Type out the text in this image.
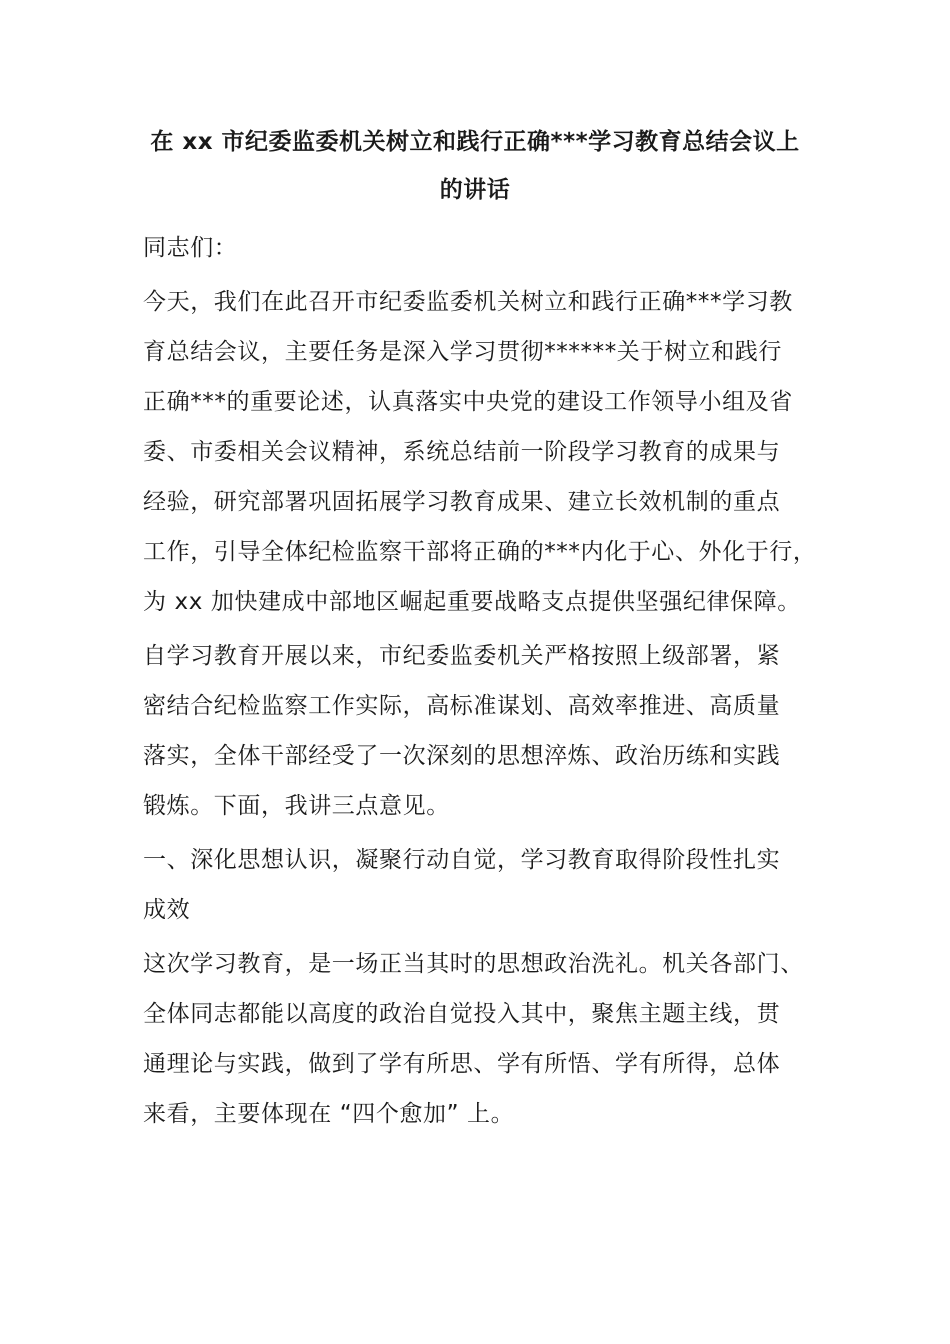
在 xx 市纪委监委机关树立和践行正确***学习教育总结会议上
的讲话

同志们：

今天，我们在此召开市纪委监委机关树立和践行正确***学习教
育总结会议，主要任务是深入学习贯彻******关于树立和践行
正确***的重要论述，认真落实中央党的建设工作领导小组及省
委、市委相关会议精神，系统总结前一阶段学习教育的成果与
经验，研究部署巩固拓展学习教育成果、建立长效机制的重点
工作，引导全体纪检监察干部将正确的***内化于心、外化于行，
为 xx 加快建成中部地区崛起重要战略支点提供坚强纪律保障。

自学习教育开展以来，市纪委监委机关严格按照上级部署，紧
密结合纪检监察工作实际，高标准谋划、高效率推进、高质量
落实，全体干部经受了一次深刻的思想淬炼、政治历练和实践
锻炼。下面，我讲三点意见。

一、深化思想认识，凝聚行动自觉，学习教育取得阶段性扎实
成效

这次学习教育，是一场正当其时的思想政治洗礼。机关各部门、
全体同志都能以高度的政治自觉投入其中，聚焦主题主线，贯
通理论与实践，做到了学有所思、学有所悟、学有所得，总体
来看，主要体现在 “四个愈加” 上。
